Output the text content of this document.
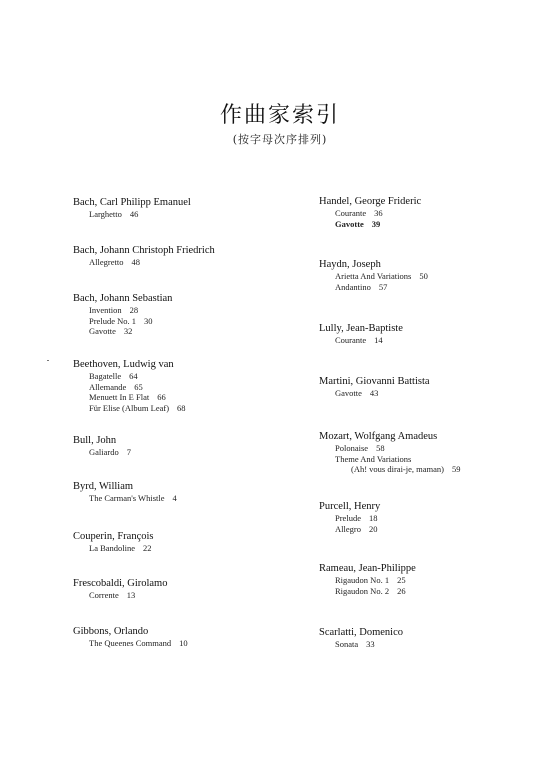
作曲家索引
(按字母次序排列)
Bach, Carl Philipp Emanuel
Larghetto 46
Bach, Johann Christoph Friedrich
Allegretto 48
Bach, Johann Sebastian
Invention 28
Prelude No. 1 30
Gavotte 32
Beethoven, Ludwig van
Bagatelle 64
Allemande 65
Menuett In E Flat 66
Für Elise (Album Leaf) 68
Bull, John
Galiardo 7
Byrd, William
The Carman's Whistle 4
Couperin, François
La Bandoline 22
Frescobaldi, Girolamo
Corrente 13
Gibbons, Orlando
The Queenes Command 10
Handel, George Frideric
Courante 36
Gavotte 39
Haydn, Joseph
Arietta And Variations 50
Andantino 57
Lully, Jean-Baptiste
Courante 14
Martini, Giovanni Battista
Gavotte 43
Mozart, Wolfgang Amadeus
Polonaise 58
Theme And Variations
(Ah! vous dirai-je, maman) 59
Purcell, Henry
Prelude 18
Allegro 20
Rameau, Jean-Philippe
Rigaudon No. 1 25
Rigaudon No. 2 26
Scarlatti, Domenico
Sonata 33
